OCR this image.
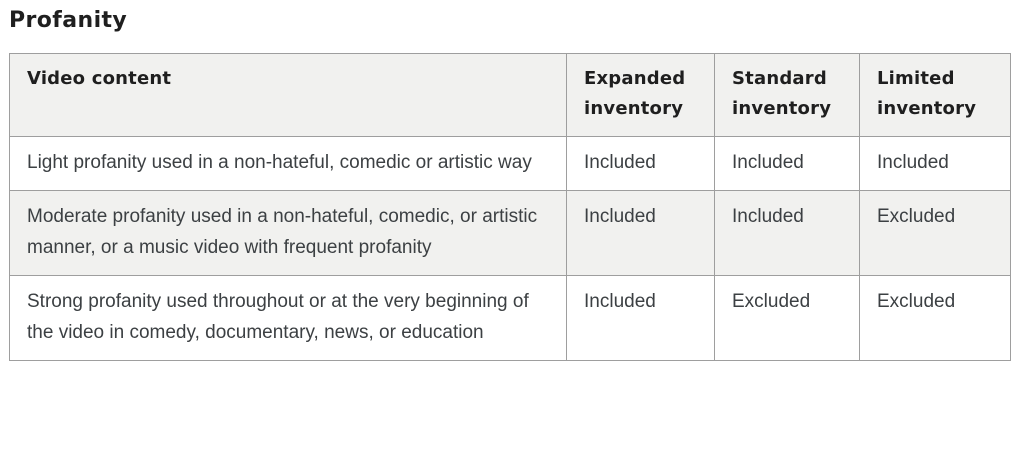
Profanity
Video content	Expanded inventory	Standard inventory	Limited inventory
Light profanity used in a non-hateful, comedic or artistic way	Included	Included	Included
Moderate profanity used in a non-hateful, comedic, or artistic manner, or a music video with frequent profanity	Included	Included	Excluded
Strong profanity used throughout or at the very beginning of the video in comedy, documentary, news, or education	Included	Excluded	Excluded
